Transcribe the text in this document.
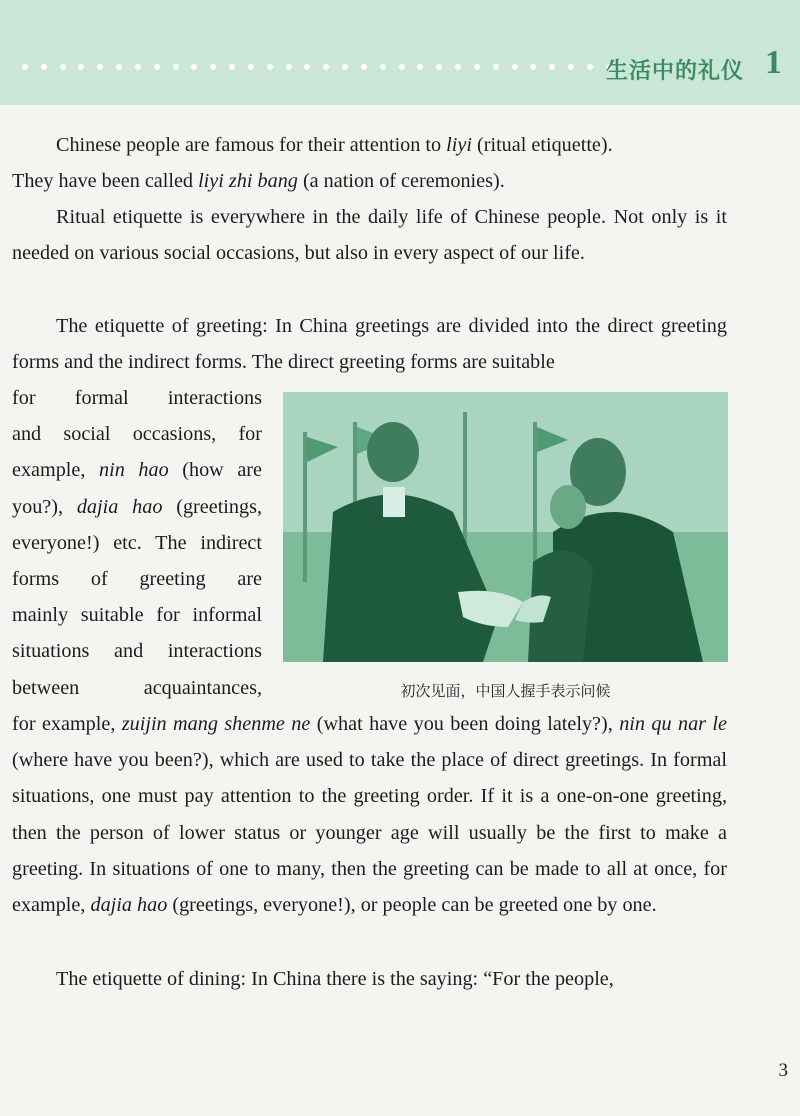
生活中的礼仪 1

Chinese people are famous for their attention to liyi (ritual etiquette).

They have been called liyi zhi bang (a nation of ceremonies).

Ritual etiquette is everywhere in the daily life of Chinese people. Not only is it needed on various social occasions, but also in every aspect of our life.

The etiquette of greeting: In China greetings are divided into the direct greeting forms and the indirect forms. The direct greeting forms are suitable

for formal interactions
and social occasions, for
example, nin hao (how are
you?), dajia hao (greetings,
everyone!) etc. The indirect
forms of greeting are
mainly suitable for informal
situations and interactions
between acquaintances,	初次见面，中国人握手表示问候

for example, zuijin mang shenme ne (what have you been doing lately?), nin qu nar le (where have you been?), which are used to take the place of direct greetings. In formal situations, one must pay attention to the greeting order. If it is a one-on-one greeting, then the person of lower status or younger age will usually be the first to make a greeting. In situations of one to many, then the greeting can be made to all at once, for example, dajia hao (greetings, everyone!), or people can be greeted one by one.

The etiquette of dining: In China there is the saying: “For the people,

3
